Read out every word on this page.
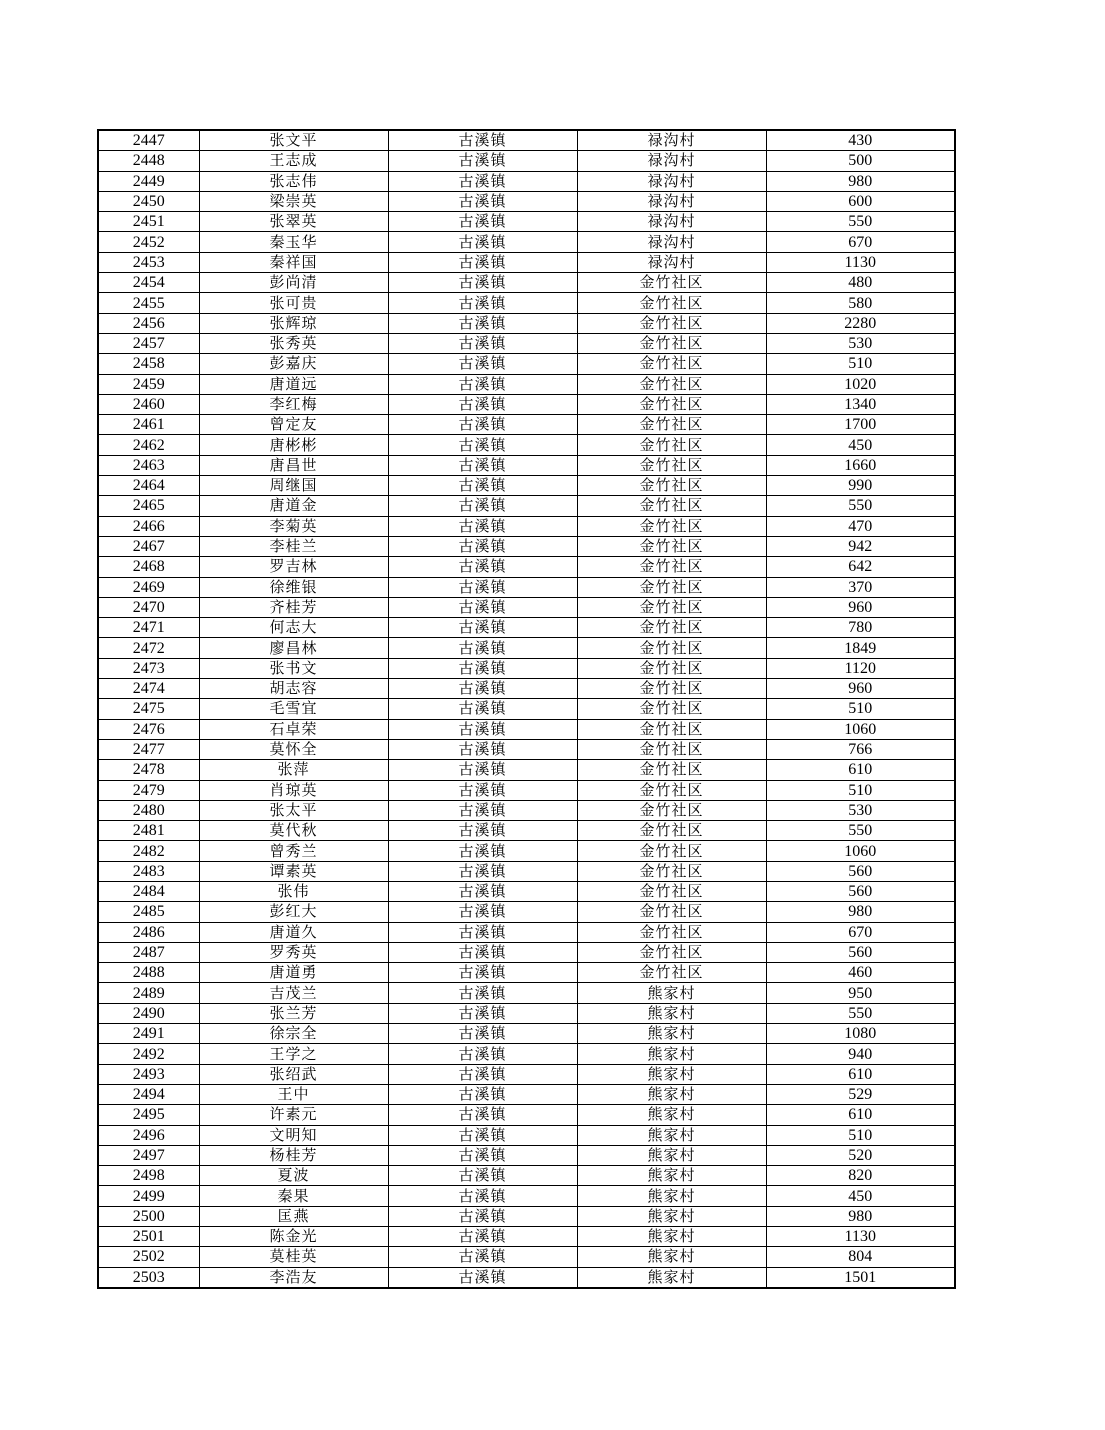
2447	张文平	古溪镇	禄沟村	430
2448	王志成	古溪镇	禄沟村	500
2449	张志伟	古溪镇	禄沟村	980
2450	梁崇英	古溪镇	禄沟村	600
2451	张翠英	古溪镇	禄沟村	550
2452	秦玉华	古溪镇	禄沟村	670
2453	秦祥国	古溪镇	禄沟村	1130
2454	彭尚清	古溪镇	金竹社区	480
2455	张可贵	古溪镇	金竹社区	580
2456	张辉琼	古溪镇	金竹社区	2280
2457	张秀英	古溪镇	金竹社区	530
2458	彭嘉庆	古溪镇	金竹社区	510
2459	唐道远	古溪镇	金竹社区	1020
2460	李红梅	古溪镇	金竹社区	1340
2461	曾定友	古溪镇	金竹社区	1700
2462	唐彬彬	古溪镇	金竹社区	450
2463	唐昌世	古溪镇	金竹社区	1660
2464	周继国	古溪镇	金竹社区	990
2465	唐道金	古溪镇	金竹社区	550
2466	李菊英	古溪镇	金竹社区	470
2467	李桂兰	古溪镇	金竹社区	942
2468	罗吉林	古溪镇	金竹社区	642
2469	徐维银	古溪镇	金竹社区	370
2470	齐桂芳	古溪镇	金竹社区	960
2471	何志大	古溪镇	金竹社区	780
2472	廖昌林	古溪镇	金竹社区	1849
2473	张书文	古溪镇	金竹社区	1120
2474	胡志容	古溪镇	金竹社区	960
2475	毛雪宜	古溪镇	金竹社区	510
2476	石卓荣	古溪镇	金竹社区	1060
2477	莫怀全	古溪镇	金竹社区	766
2478	张萍	古溪镇	金竹社区	610
2479	肖琼英	古溪镇	金竹社区	510
2480	张太平	古溪镇	金竹社区	530
2481	莫代秋	古溪镇	金竹社区	550
2482	曾秀兰	古溪镇	金竹社区	1060
2483	谭素英	古溪镇	金竹社区	560
2484	张伟	古溪镇	金竹社区	560
2485	彭红大	古溪镇	金竹社区	980
2486	唐道久	古溪镇	金竹社区	670
2487	罗秀英	古溪镇	金竹社区	560
2488	唐道勇	古溪镇	金竹社区	460
2489	吉茂兰	古溪镇	熊家村	950
2490	张兰芳	古溪镇	熊家村	550
2491	徐宗全	古溪镇	熊家村	1080
2492	王学之	古溪镇	熊家村	940
2493	张绍武	古溪镇	熊家村	610
2494	王中	古溪镇	熊家村	529
2495	许素元	古溪镇	熊家村	610
2496	文明知	古溪镇	熊家村	510
2497	杨桂芳	古溪镇	熊家村	520
2498	夏波	古溪镇	熊家村	820
2499	秦果	古溪镇	熊家村	450
2500	匡燕	古溪镇	熊家村	980
2501	陈金光	古溪镇	熊家村	1130
2502	莫桂英	古溪镇	熊家村	804
2503	李浩友	古溪镇	熊家村	1501
